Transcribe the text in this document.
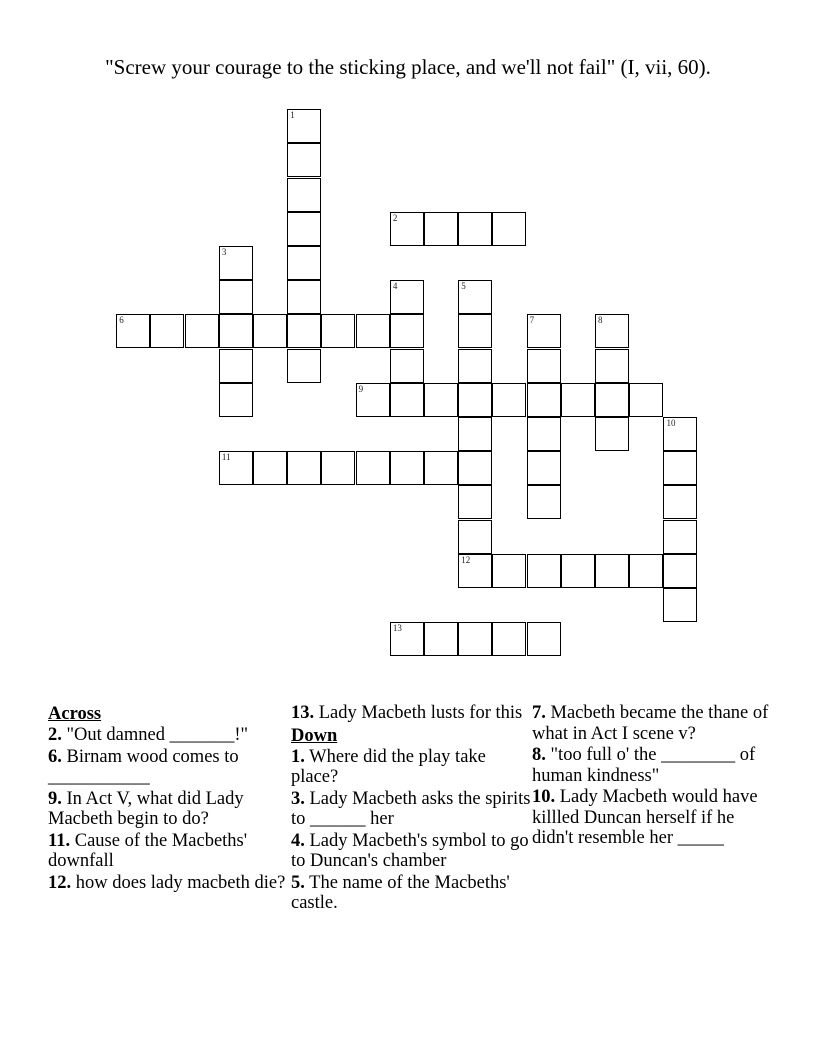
"Screw your courage to the sticking place, and we'll not fail" (I, vii, 60).
1
2
3
4	5
6	7	8
9
10
11
12
13
Across
2. "Out damned _______!"
6. Birnam wood comes to ___________
9. In Act V, what did Lady Macbeth begin to do?
11. Cause of the Macbeths' downfall
12. how does lady macbeth die?
13. Lady Macbeth lusts for this
Down
1. Where did the play take place?
3. Lady Macbeth asks the spirits to ______ her
4. Lady Macbeth's symbol to go to Duncan's chamber
5. The name of the Macbeths' castle.
7. Macbeth became the thane of what in Act I scene v?
8. "too full o' the ________ of human kindness"
10. Lady Macbeth would have killled Duncan herself if he didn't resemble her _____
